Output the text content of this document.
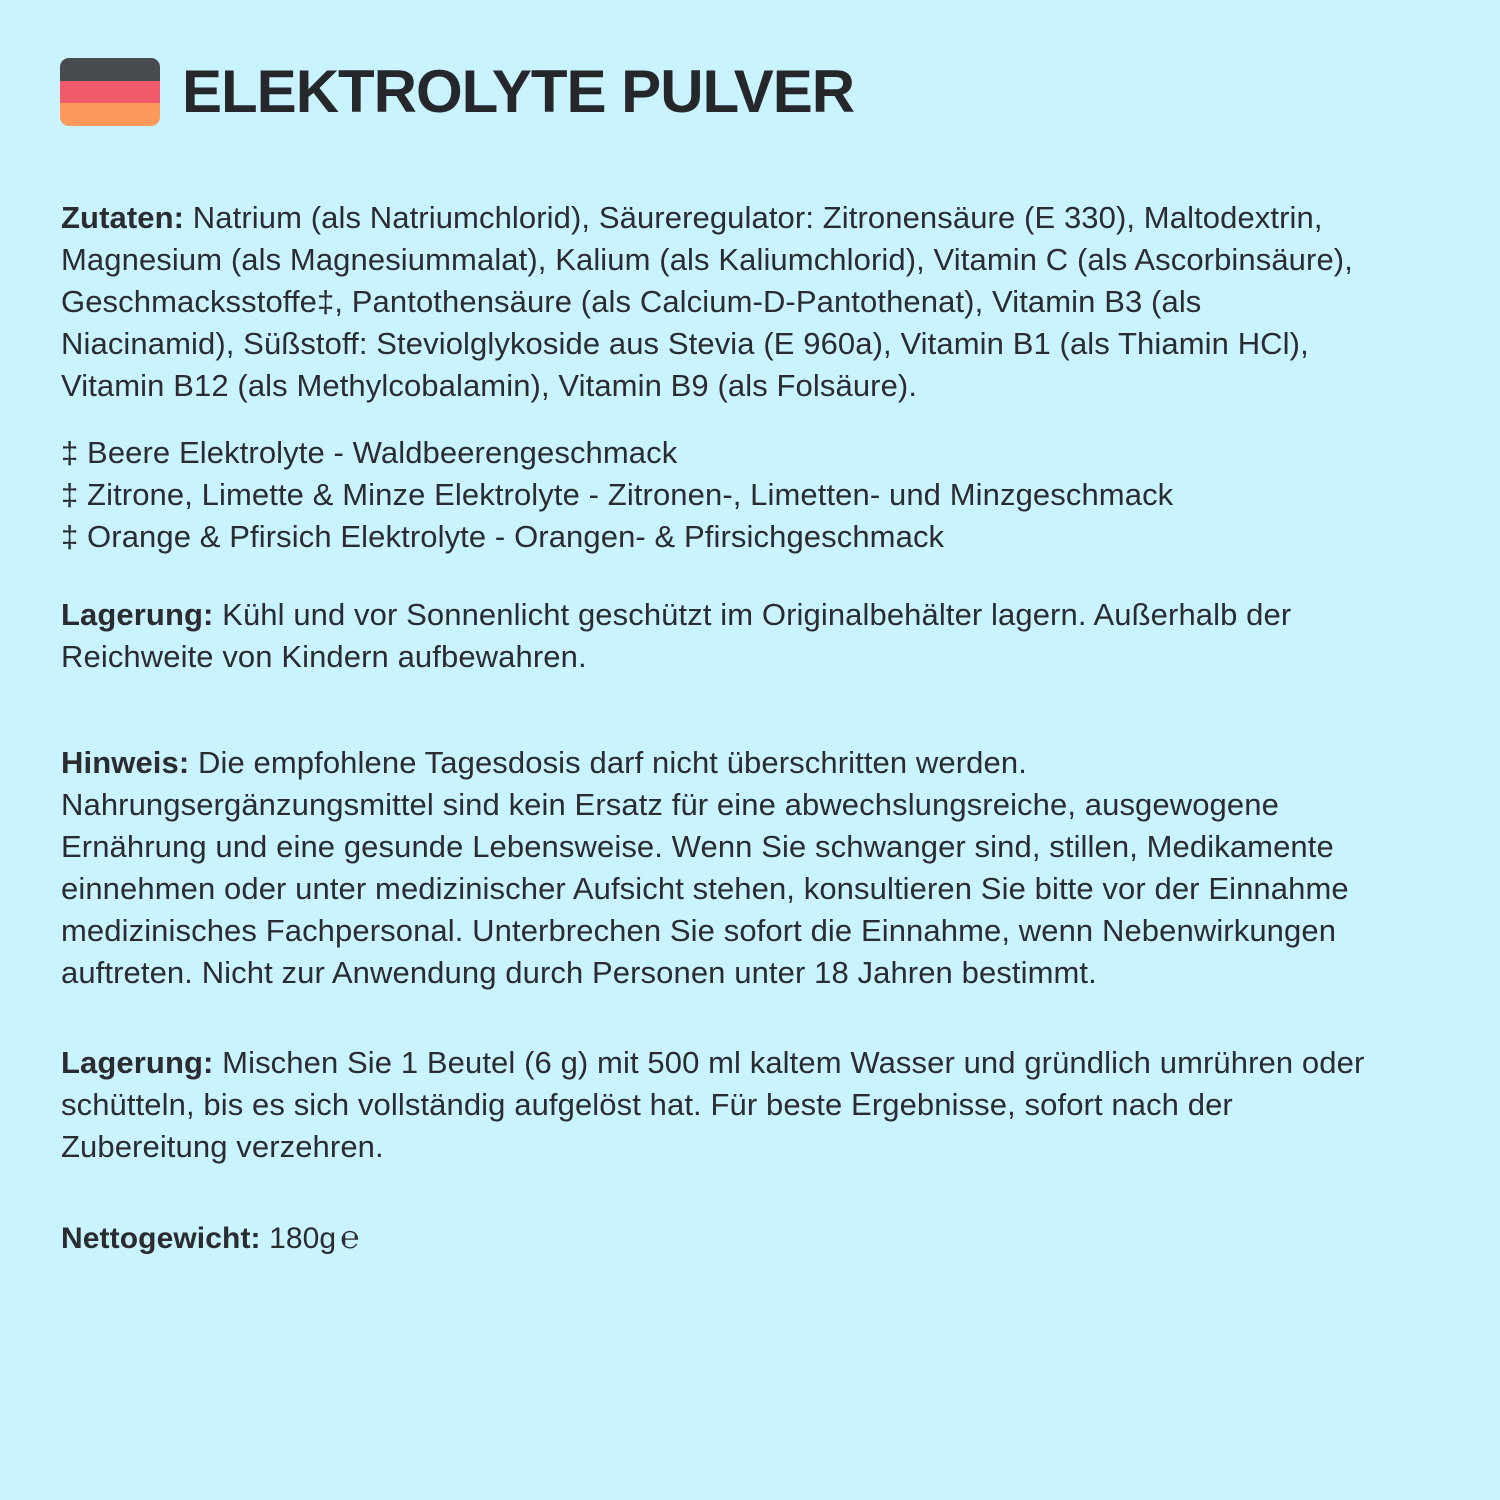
ELEKTROLYTE PULVER

Zutaten: Natrium (als Natriumchlorid), Säureregulator: Zitronensäure (E 330), Maltodextrin, Magnesium (als Magnesiummalat), Kalium (als Kaliumchlorid), Vitamin C (als Ascorbinsäure), Geschmacksstoffe‡, Pantothensäure (als Calcium-D-Pantothenat), Vitamin B3 (als Niacinamid), Süßstoff: Steviolglykoside aus Stevia (E 960a), Vitamin B1 (als Thiamin HCl), Vitamin B12 (als Methylcobalamin), Vitamin B9 (als Folsäure).

‡ Beere Elektrolyte - Waldbeerengeschmack
‡ Zitrone, Limette & Minze Elektrolyte - Zitronen-, Limetten- und Minzgeschmack
‡ Orange & Pfirsich Elektrolyte - Orangen- & Pfirsichgeschmack

Lagerung: Kühl und vor Sonnenlicht geschützt im Originalbehälter lagern. Außerhalb der Reichweite von Kindern aufbewahren.

Hinweis: Die empfohlene Tagesdosis darf nicht überschritten werden. Nahrungsergänzungsmittel sind kein Ersatz für eine abwechslungsreiche, ausgewogene Ernährung und eine gesunde Lebensweise. Wenn Sie schwanger sind, stillen, Medikamente einnehmen oder unter medizinischer Aufsicht stehen, konsultieren Sie bitte vor der Einnahme medizinisches Fachpersonal. Unterbrechen Sie sofort die Einnahme, wenn Nebenwirkungen auftreten. Nicht zur Anwendung durch Personen unter 18 Jahren bestimmt.

Lagerung: Mischen Sie 1 Beutel (6 g) mit 500 ml kaltem Wasser und gründlich umrühren oder schütteln, bis es sich vollständig aufgelöst hat. Für beste Ergebnisse, sofort nach der Zubereitung verzehren.

Nettogewicht: 180g ℮
